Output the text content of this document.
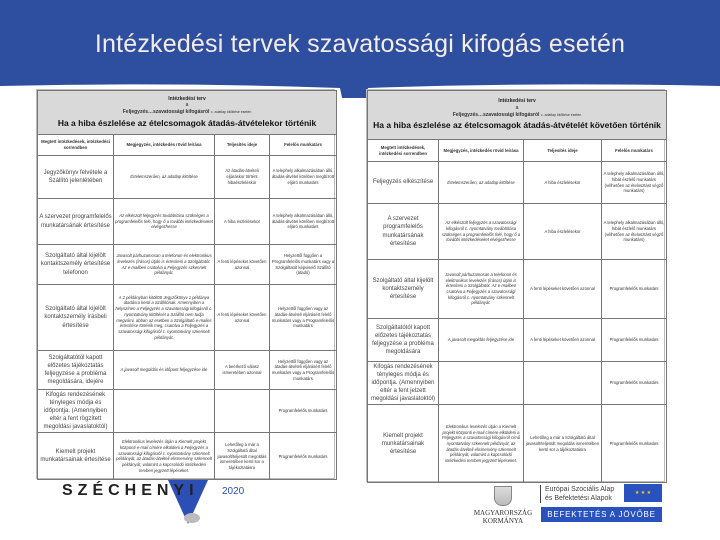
Intézkedési tervek szavatossági kifogás esetén
SZÉCHENYI 2020
Intézkedési terv
a
Feljegyzés…szavatossági kifogásról c. adatlap kitöltése esetén
Ha a hiba észlelése az ételcsomagok átadás-átvételekor történik			

Megtett intézkedések, intézkedési sorrendben	Megjegyzés, intézkedés rövid leírása	Teljesítés ideje	Felelős munkatárs
Jegyzőkönyv felvétele a Szállító jelenlétében	Értelemszerűen, az adatlap kitöltése	Az átadás-átvételi eljáráskor történt hibaészleléskor	A telephely alkalmazásában álló, átadás-átvétel körében megbízott eljáró munkatárs
A szervezet programfelelős munkatársának értesítése	Az elkészült feljegyzés továbbítása szükséges a programfelelős felé, hogy ő a további intézkedéseket elvégezhesse	A hiba észlelésekor	A telephely alkalmazásában álló, átadás-átvétel körében megbízott eljáró munkatárs
Szolgáltató által kijelölt kontaktszemély értesítése telefonon	Javasolt párhuzamosan a telefonon és elektronikus levelezés (írásos) útján is értesíteni a Szolgáltatót. Az e-mailben csatolva a Feljegyzés szkennelt példányát.	A fenti lépéseket követően azonnal	Helyzettől függően a Programfelelős munkatárs vagy a Szolgáltatót képviselő Szállító (átadó)
Szolgáltató által kijelölt kontaktszemély írásbeli értesítése	A 2 példányban kitöltött Jegyzőkönyv 1 példánya átadásra kerül a Szállítónak. Amennyiben a helyszínen a Feljegyzés a szavatossági kifogásról c. nyomtatvány kitöltését a Szállító nem tudja megvárni, abban az esetben a Szolgáltató e-mailes értesítése történik meg, csatolva a Feljegyzés a szavatossági kifogásról c. nyomtatvány szkennelt példányát.	A fenti lépéseket követően azonnal	Helyzettől függően vagy az átadás-átvételi eljárásért felelő munkatárs vagy a Programfelelős munkatárs
Szolgáltatótól kapott előzetes tájékoztatás feljegyzése a probléma megoldására, idejére	A javasolt megoldás és időpont feljegyzése ide	A beérkező válasz ismeretében azonnal	Helyzettől függően vagy az átadás-átvételi eljárásért felelő munkatárs vagy a Programfelelős munkatárs
Kifogás rendezésének tényleges módja és időpontja. (Amennyiben eltér a fent rögzített megoldási javaslatoktól)			Programfelelős munkatárs
Kiemelt projekt munkatársainak értesítése	Elektronikus levelezés útján a Kiemelt projekt központi e-mail címére elküldeni a Feljegyzés a szavatossági kifogásról c. nyomtatvány szkennelt példányát, az átadás-átvételi elismervény szkennelt példányát, valamint a kapcsolódó intézkedési tervben jegyzett lépéseket.	Lehetőleg a már a Szolgáltató által javasolt/teljesült megoldás ismeretében kerül sor a tájékoztatásra	Programfelelős munkatárs
Intézkedési terv
a
Feljegyzés…szavatossági kifogásról c. adatlap kitöltése esetén
Ha a hiba észlelése az ételcsomagok átadás-átvételét követően történik			

Megtett intézkedések, intézkedési sorrendben	Megjegyzés, intézkedés rövid leírása	Teljesítés ideje	Felelős munkatárs
Feljegyzés elkészítése	Értelemszerűen, az adatlap kitöltése	A hiba észlelésekor	A telephely alkalmazásában álló, hibát észlelő munkatárs (vélhetően az ételosztást végző munkatárs)
A szervezet programfelelős munkatársának értesítése	Az elkészült feljegyzés a szavatossági kifogásról c. nyomtatvány továbbítása szükséges a programfelelős felé, hogy ő a további intézkedéseket elvégezhesse	A hiba észlelésekor	A telephely alkalmazásában álló, hibát észlelő munkatárs (vélhetően az ételosztást végző munkatárs)
Szolgáltató által kijelölt kontaktszemély értesítése	Javasolt párhuzamosan a telefonon és elektronikus levelezés (írásos) útján is értesíteni a Szolgáltatót. Az e-mailben csatolva a Feljegyzés a szavatossági kifogásról c. nyomtatvány szkennelt példányát.	A fenti lépéseket követően azonnal	Programfelelős munkatárs
Szolgáltatótól kapott előzetes tájékoztatás feljegyzése a probléma megoldására	A javasolt megoldás feljegyzése ide	A fenti lépéseket követően azonnal	Programfelelős munkatárs
Kifogás rendezésének tényleges módja és időpontja. (Amennyiben eltér a fent jelzett megoldási javaslatoktól)			Programfelelős munkatárs
Kiemelt projekt munkatársainak értesítése	Elektronikus levelezés útján a Kiemelt projekt központi e-mail címére elküldeni a Feljegyzés a szavatossági kifogásról című nyomtatvány szkennelt példányát, az átadás-átvételi elismervény szkennelt példányát, valamint a kapcsolódó intézkedési tervben jegyzett lépéseket.	Lehetőleg a már a Szolgáltató által javasolt/teljesült megoldás ismeretében kerül sor a tájékoztatásra	Programfelelős munkatárs
MAGYARORSZÁG
KORMÁNYA
Európai Szociális Alap
és Befektetési Alapok
★ ★ ★
BEFEKTETÉS A JÖVŐBE
